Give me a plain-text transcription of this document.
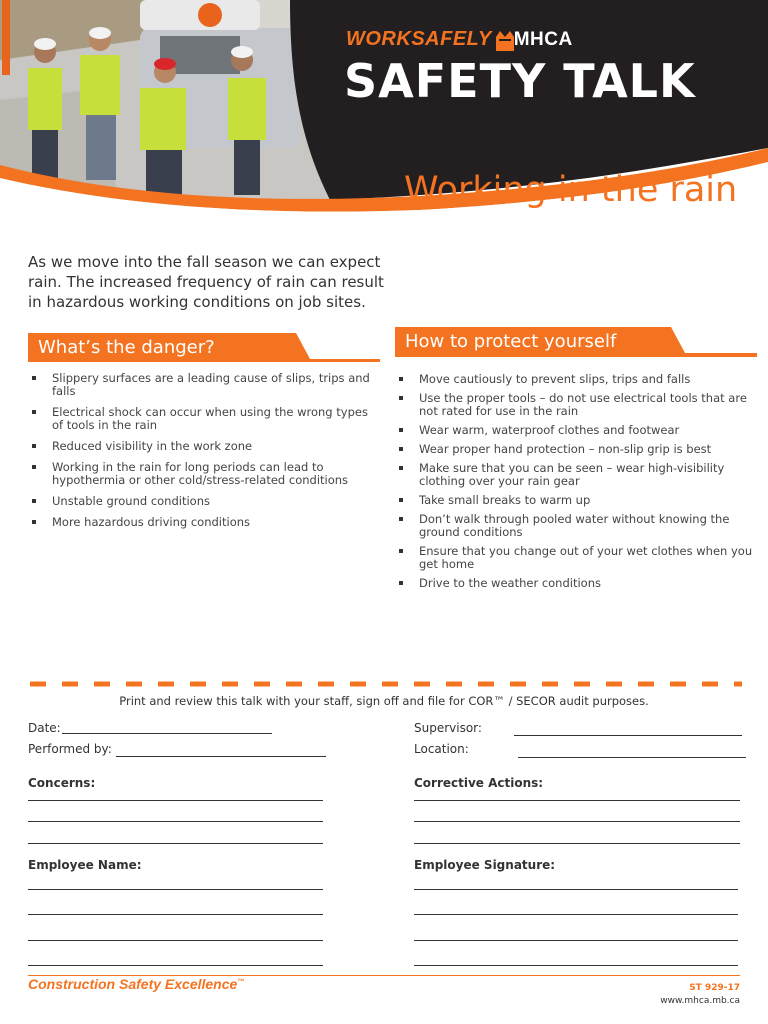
WORKSAFELY MHCA
SAFETY TALK
Working in the rain

As we move into the fall season we can expect rain. The increased frequency of rain can result in hazardous working conditions on job sites.

What’s the danger?
Slippery surfaces are a leading cause of slips, trips and falls
Electrical shock can occur when using the wrong types of tools in the rain
Reduced visibility in the work zone
Working in the rain for long periods can lead to hypothermia or other cold/stress-related conditions
Unstable ground conditions
More hazardous driving conditions
How to protect yourself
Move cautiously to prevent slips, trips and falls
Use the proper tools – do not use electrical tools that are not rated for use in the rain
Wear warm, waterproof clothes and footwear
Wear proper hand protection – non-slip grip is best
Make sure that you can be seen – wear high-visibility clothing over your rain gear
Take small breaks to warm up
Don’t walk through pooled water without knowing the ground conditions
Ensure that you change out of your wet clothes when you get home
Drive to the weather conditions
Print and review this talk with your staff, sign off and file for COR™ / SECOR audit purposes.
Date:
Performed by:
Supervisor:
Location:
Concerns:	Corrective Actions:
Employee Name:	Employee Signature:
Construction Safety Excellence™
ST 929-17
www.mhca.mb.ca
